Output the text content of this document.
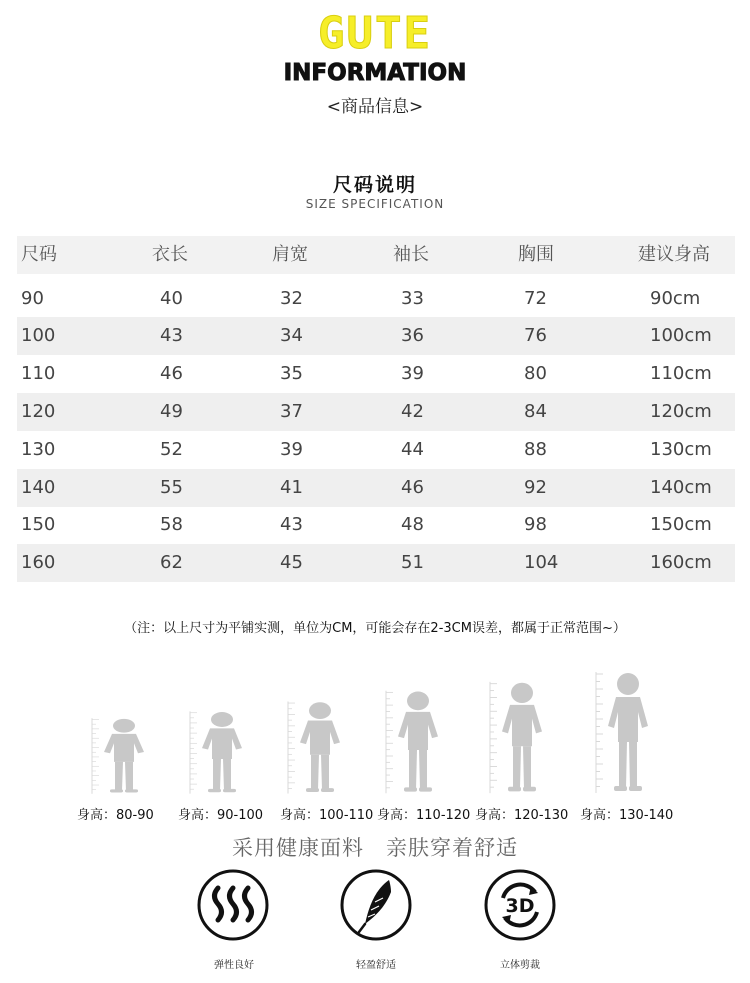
GUTE
INFORMATION
<商品信息>
尺码说明
SIZE SPECIFICATION
尺码	衣长	肩宽	袖长	胸围	建议身高
90	40	32	33	72	90cm
100	43	34	36	76	100cm
110	46	35	39	80	110cm
120	49	37	42	84	120cm
130	52	39	44	88	130cm
140	55	41	46	92	140cm
150	58	43	48	98	150cm
160	62	45	51	104	160cm
（注：以上尺寸为平铺实测，单位为CM，可能会存在2-3CM误差，都属于正常范围~）
身高：80-90 身高：90-100 身高：100-110 身高：110-120 身高：120-130 身高：130-140
采用健康面料　亲肤穿着舒适
弹性良好	轻盈舒适
3D
立体剪裁
